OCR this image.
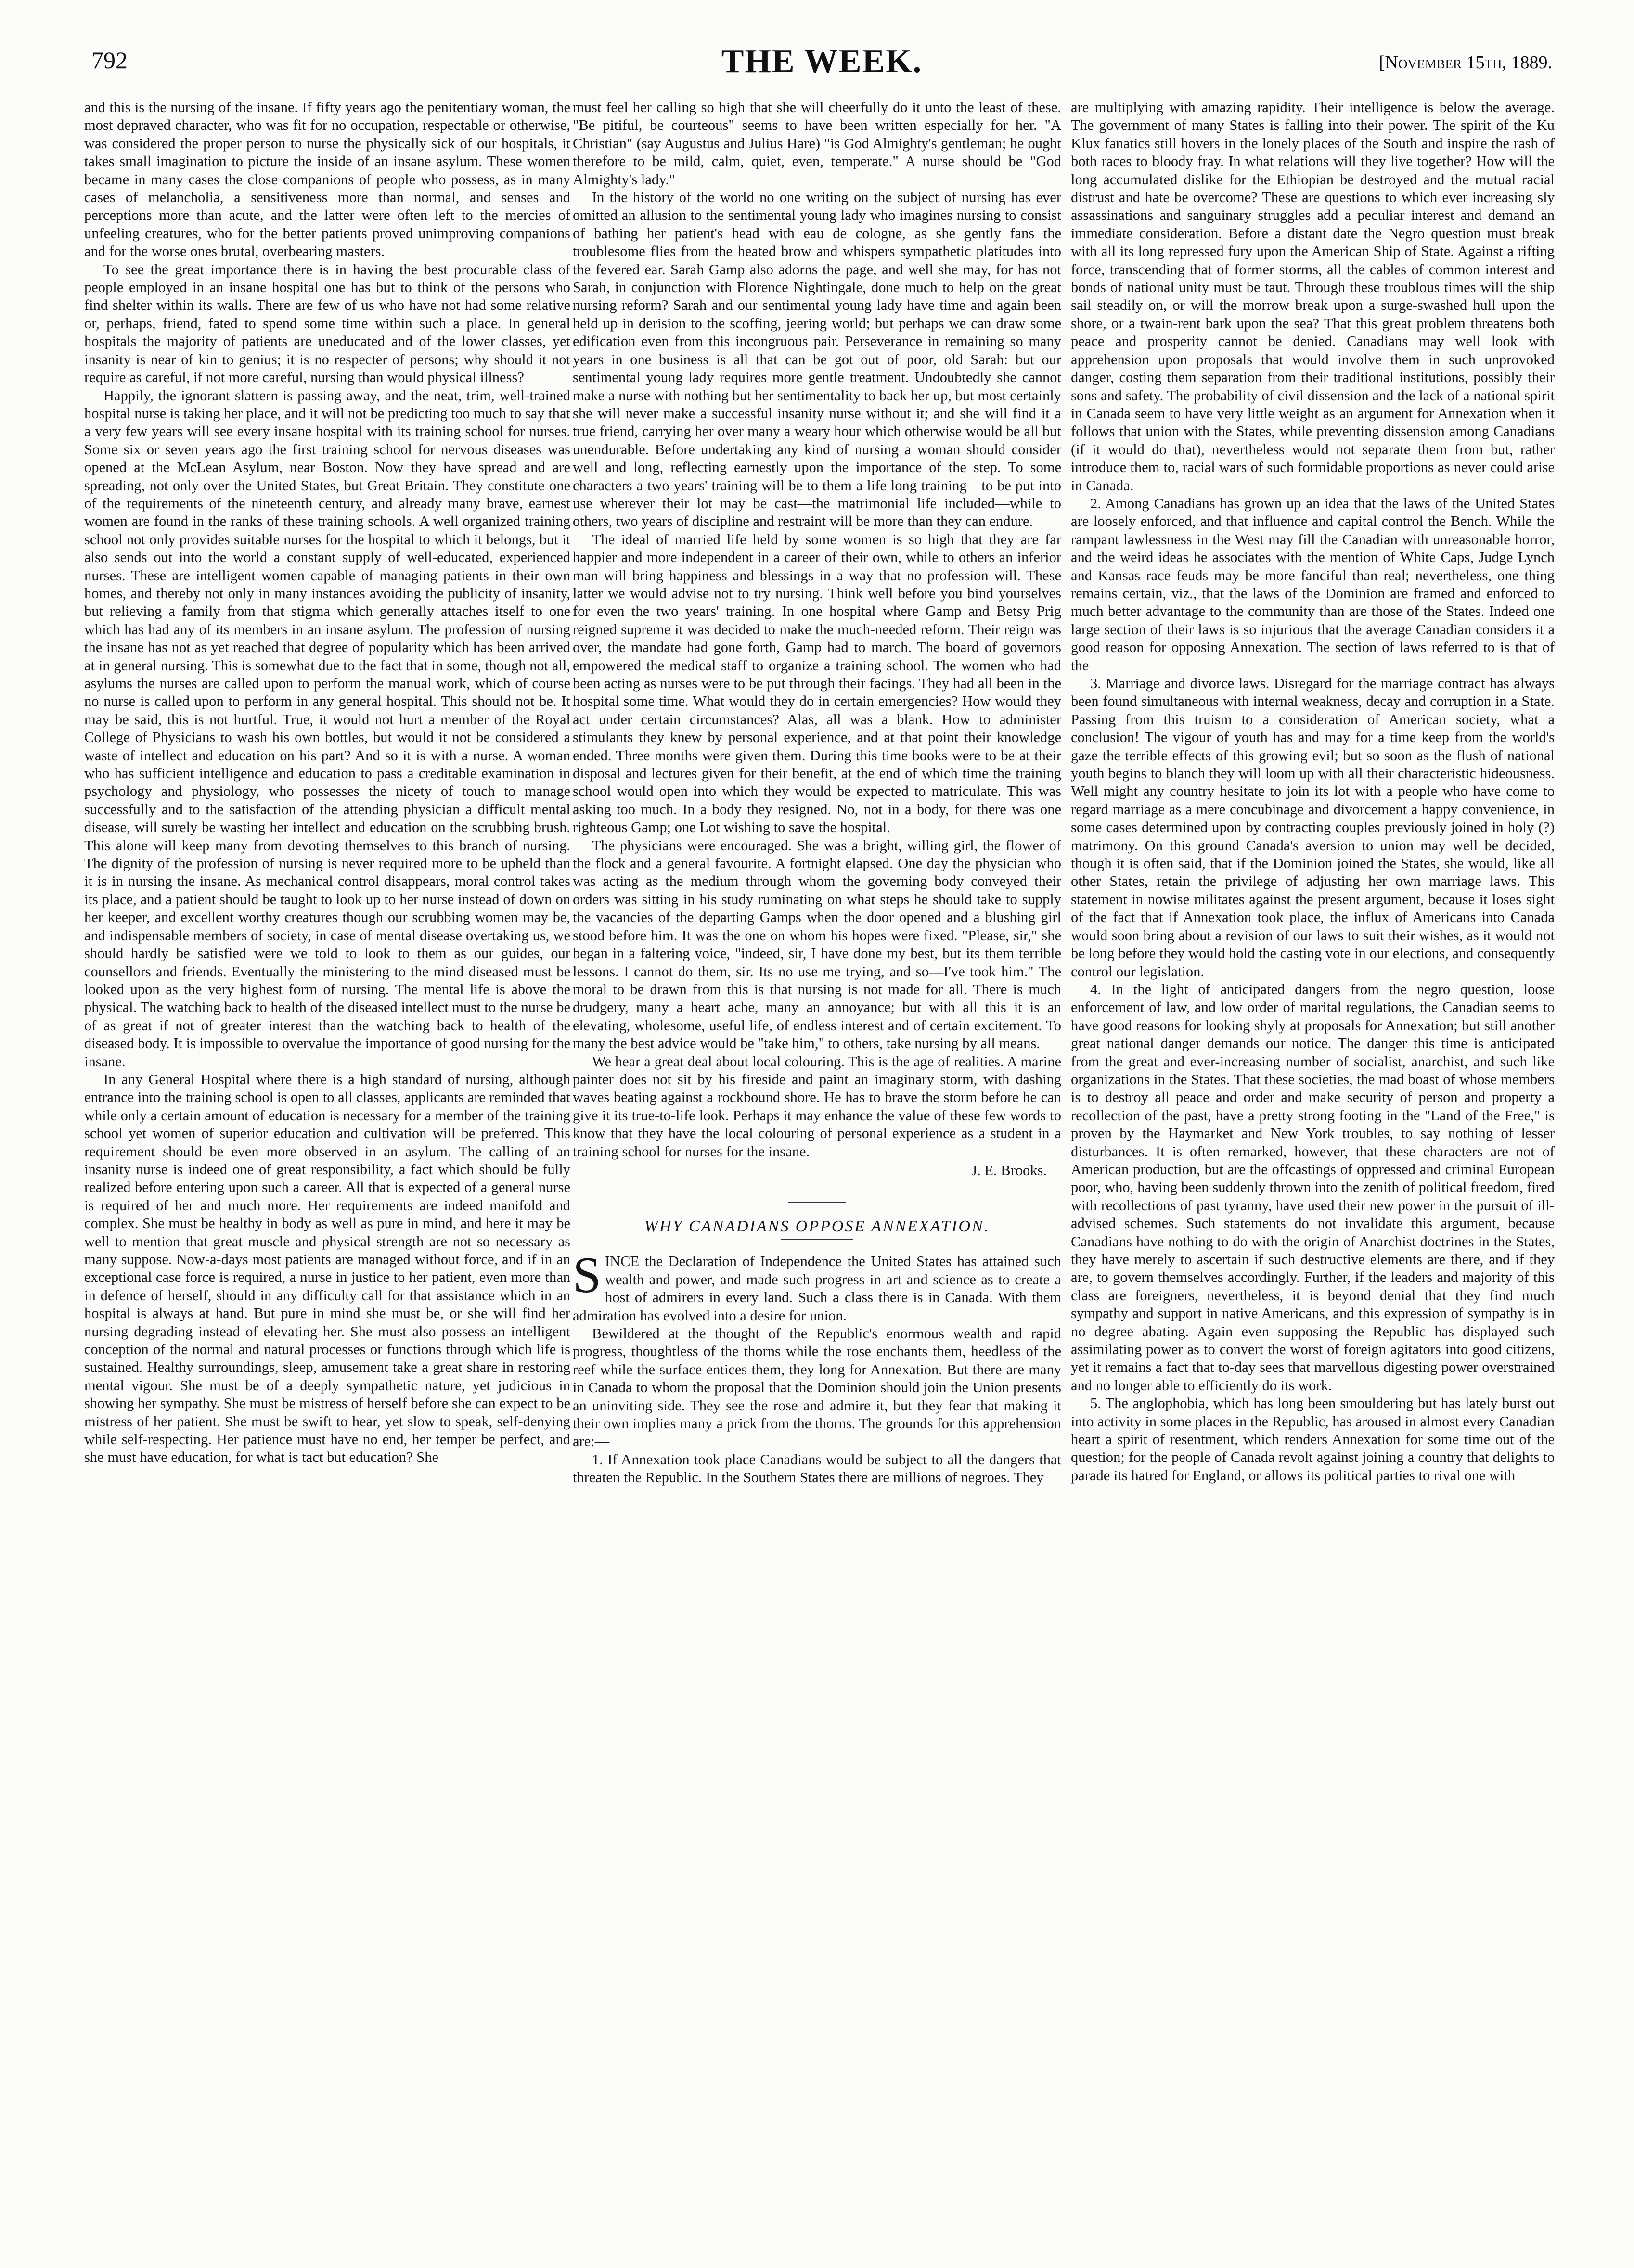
792	THE WEEK.	[November 15th, 1889.

and this is the nursing of the insane. If fifty years ago the penitentiary woman, the most depraved character, who was fit for no occupation, respectable or otherwise, was considered the proper person to nurse the physically sick of our hospitals, it takes small imagination to picture the inside of an insane asylum. These women became in many cases the close companions of people who possess, as in many cases of melancholia, a sensitiveness more than normal, and senses and perceptions more than acute, and the latter were often left to the mercies of unfeeling creatures, who for the better patients proved unimproving companions and for the worse ones brutal, overbearing masters.

To see the great importance there is in having the best procurable class of people employed in an insane hospital one has but to think of the persons who find shelter within its walls. There are few of us who have not had some relative or, perhaps, friend, fated to spend some time within such a place. In general hospitals the majority of patients are uneducated and of the lower classes, yet insanity is near of kin to genius; it is no respecter of persons; why should it not require as careful, if not more careful, nursing than would physical illness?

Happily, the ignorant slattern is passing away, and the neat, trim, well-trained hospital nurse is taking her place, and it will not be predicting too much to say that a very few years will see every insane hospital with its training school for nurses. Some six or seven years ago the first training school for nervous diseases was opened at the McLean Asylum, near Boston. Now they have spread and are spreading, not only over the United States, but Great Britain. They constitute one of the requirements of the nineteenth century, and already many brave, earnest women are found in the ranks of these training schools. A well organized training school not only provides suitable nurses for the hospital to which it belongs, but it also sends out into the world a constant supply of well-educated, experienced nurses. These are intelligent women capable of managing patients in their own homes, and thereby not only in many instances avoiding the publicity of insanity, but relieving a family from that stigma which generally attaches itself to one which has had any of its members in an insane asylum. The profession of nursing the insane has not as yet reached that degree of popularity which has been arrived at in general nursing. This is somewhat due to the fact that in some, though not all, asylums the nurses are called upon to perform the manual work, which of course no nurse is called upon to perform in any general hospital. This should not be. It may be said, this is not hurtful. True, it would not hurt a member of the Royal College of Physicians to wash his own bottles, but would it not be considered a waste of intellect and education on his part? And so it is with a nurse. A woman who has sufficient intelligence and education to pass a creditable examination in psychology and physiology, who possesses the nicety of touch to manage successfully and to the satisfaction of the attending physician a difficult mental disease, will surely be wasting her intellect and education on the scrubbing brush. This alone will keep many from devoting themselves to this branch of nursing. The dignity of the profession of nursing is never required more to be upheld than it is in nursing the insane. As mechanical control disappears, moral control takes its place, and a patient should be taught to look up to her nurse instead of down on her keeper, and excellent worthy creatures though our scrubbing women may be, and indispensable members of society, in case of mental disease overtaking us, we should hardly be satisfied were we told to look to them as our guides, our counsellors and friends. Eventually the ministering to the mind diseased must be looked upon as the very highest form of nursing. The mental life is above the physical. The watching back to health of the diseased intellect must to the nurse be of as great if not of greater interest than the watching back to health of the diseased body. It is impossible to overvalue the importance of good nursing for the insane.

In any General Hospital where there is a high standard of nursing, although entrance into the training school is open to all classes, applicants are reminded that while only a certain amount of education is necessary for a member of the training school yet women of superior education and cultivation will be preferred. This requirement should be even more observed in an asylum. The calling of an insanity nurse is indeed one of great responsibility, a fact which should be fully realized before entering upon such a career. All that is expected of a general nurse is required of her and much more. Her requirements are indeed manifold and complex. She must be healthy in body as well as pure in mind, and here it may be well to mention that great muscle and physical strength are not so necessary as many suppose. Now-a-days most patients are managed without force, and if in an exceptional case force is required, a nurse in justice to her patient, even more than in defence of herself, should in any difficulty call for that assistance which in an hospital is always at hand. But pure in mind she must be, or she will find her nursing degrading instead of elevating her. She must also possess an intelligent conception of the normal and natural processes or functions through which life is sustained. Healthy surroundings, sleep, amusement take a great share in restoring mental vigour. She must be of a deeply sympathetic nature, yet judicious in showing her sympathy. She must be mistress of herself before she can expect to be mistress of her patient. She must be swift to hear, yet slow to speak, self-denying while self-respecting. Her patience must have no end, her temper be perfect, and she must have education, for what is tact but education? She

must feel her calling so high that she will cheerfully do it unto the least of these. "Be pitiful, be courteous" seems to have been written especially for her. "A Christian" (say Augustus and Julius Hare) "is God Almighty's gentleman; he ought therefore to be mild, calm, quiet, even, temperate." A nurse should be "God Almighty's lady."

In the history of the world no one writing on the subject of nursing has ever omitted an allusion to the sentimental young lady who imagines nursing to consist of bathing her patient's head with eau de cologne, as she gently fans the troublesome flies from the heated brow and whispers sympathetic platitudes into the fevered ear. Sarah Gamp also adorns the page, and well she may, for has not Sarah, in conjunction with Florence Nightingale, done much to help on the great nursing reform? Sarah and our sentimental young lady have time and again been held up in derision to the scoffing, jeering world; but perhaps we can draw some edification even from this incongruous pair. Perseverance in remaining so many years in one business is all that can be got out of poor, old Sarah: but our sentimental young lady requires more gentle treatment. Undoubtedly she cannot make a nurse with nothing but her sentimentality to back her up, but most certainly she will never make a successful insanity nurse without it; and she will find it a true friend, carrying her over many a weary hour which otherwise would be all but unendurable. Before undertaking any kind of nursing a woman should consider well and long, reflecting earnestly upon the importance of the step. To some characters a two years' training will be to them a life long training—to be put into use wherever their lot may be cast—the matrimonial life included—while to others, two years of discipline and restraint will be more than they can endure.

The ideal of married life held by some women is so high that they are far happier and more independent in a career of their own, while to others an inferior man will bring happiness and blessings in a way that no profession will. These latter we would advise not to try nursing. Think well before you bind yourselves for even the two years' training. In one hospital where Gamp and Betsy Prig reigned supreme it was decided to make the much-needed reform. Their reign was over, the mandate had gone forth, Gamp had to march. The board of governors empowered the medical staff to organize a training school. The women who had been acting as nurses were to be put through their facings. They had all been in the hospital some time. What would they do in certain emergencies? How would they act under certain circumstances? Alas, all was a blank. How to administer stimulants they knew by personal experience, and at that point their knowledge ended. Three months were given them. During this time books were to be at their disposal and lectures given for their benefit, at the end of which time the training school would open into which they would be expected to matriculate. This was asking too much. In a body they resigned. No, not in a body, for there was one righteous Gamp; one Lot wishing to save the hospital.

The physicians were encouraged. She was a bright, willing girl, the flower of the flock and a general favourite. A fortnight elapsed. One day the physician who was acting as the medium through whom the governing body conveyed their orders was sitting in his study ruminating on what steps he should take to supply the vacancies of the departing Gamps when the door opened and a blushing girl stood before him. It was the one on whom his hopes were fixed. "Please, sir," she began in a faltering voice, "indeed, sir, I have done my best, but its them terrible lessons. I cannot do them, sir. Its no use me trying, and so—I've took him." The moral to be drawn from this is that nursing is not made for all. There is much drudgery, many a heart ache, many an annoyance; but with all this it is an elevating, wholesome, useful life, of endless interest and of certain excitement. To many the best advice would be "take him," to others, take nursing by all means.

We hear a great deal about local colouring. This is the age of realities. A marine painter does not sit by his fireside and paint an imaginary storm, with dashing waves beating against a rockbound shore. He has to brave the storm before he can give it its true-to-life look. Perhaps it may enhance the value of these few words to know that they have the local colouring of personal experience as a student in a training school for nurses for the insane.

J. E. Brooks.
WHY CANADIANS OPPOSE ANNEXATION.

SINCE the Declaration of Independence the United States has attained such wealth and power, and made such progress in art and science as to create a host of admirers in every land. Such a class there is in Canada. With them admiration has evolved into a desire for union.

Bewildered at the thought of the Republic's enormous wealth and rapid progress, thoughtless of the thorns while the rose enchants them, heedless of the reef while the surface entices them, they long for Annexation. But there are many in Canada to whom the proposal that the Dominion should join the Union presents an uninviting side. They see the rose and admire it, but they fear that making it their own implies many a prick from the thorns. The grounds for this apprehension are:—

1. If Annexation took place Canadians would be subject to all the dangers that threaten the Republic. In the Southern States there are millions of negroes. They

are multiplying with amazing rapidity. Their intelligence is below the average. The government of many States is falling into their power. The spirit of the Ku Klux fanatics still hovers in the lonely places of the South and inspire the rash of both races to bloody fray. In what relations will they live together? How will the long accumulated dislike for the Ethiopian be destroyed and the mutual racial distrust and hate be overcome? These are questions to which ever increasing sly assassinations and sanguinary struggles add a peculiar interest and demand an immediate consideration. Before a distant date the Negro question must break with all its long repressed fury upon the American Ship of State. Against a rifting force, transcending that of former storms, all the cables of common interest and bonds of national unity must be taut. Through these troublous times will the ship sail steadily on, or will the morrow break upon a surge-swashed hull upon the shore, or a twain-rent bark upon the sea? That this great problem threatens both peace and prosperity cannot be denied. Canadians may well look with apprehension upon proposals that would involve them in such unprovoked danger, costing them separation from their traditional institutions, possibly their sons and safety. The probability of civil dissension and the lack of a national spirit in Canada seem to have very little weight as an argument for Annexation when it follows that union with the States, while preventing dissension among Canadians (if it would do that), nevertheless would not separate them from but, rather introduce them to, racial wars of such formidable proportions as never could arise in Canada.

2. Among Canadians has grown up an idea that the laws of the United States are loosely enforced, and that influence and capital control the Bench. While the rampant lawlessness in the West may fill the Canadian with unreasonable horror, and the weird ideas he associates with the mention of White Caps, Judge Lynch and Kansas race feuds may be more fanciful than real; nevertheless, one thing remains certain, viz., that the laws of the Dominion are framed and enforced to much better advantage to the community than are those of the States. Indeed one large section of their laws is so injurious that the average Canadian considers it a good reason for opposing Annexation. The section of laws referred to is that of the

3. Marriage and divorce laws. Disregard for the marriage contract has always been found simultaneous with internal weakness, decay and corruption in a State. Passing from this truism to a consideration of American society, what a conclusion! The vigour of youth has and may for a time keep from the world's gaze the terrible effects of this growing evil; but so soon as the flush of national youth begins to blanch they will loom up with all their characteristic hideousness. Well might any country hesitate to join its lot with a people who have come to regard marriage as a mere concubinage and divorcement a happy convenience, in some cases determined upon by contracting couples previously joined in holy (?) matrimony. On this ground Canada's aversion to union may well be decided, though it is often said, that if the Dominion joined the States, she would, like all other States, retain the privilege of adjusting her own marriage laws. This statement in nowise militates against the present argument, because it loses sight of the fact that if Annexation took place, the influx of Americans into Canada would soon bring about a revision of our laws to suit their wishes, as it would not be long before they would hold the casting vote in our elections, and consequently control our legislation.

4. In the light of anticipated dangers from the negro question, loose enforcement of law, and low order of marital regulations, the Canadian seems to have good reasons for looking shyly at proposals for Annexation; but still another great national danger demands our notice. The danger this time is anticipated from the great and ever-increasing number of socialist, anarchist, and such like organizations in the States. That these societies, the mad boast of whose members is to destroy all peace and order and make security of person and property a recollection of the past, have a pretty strong footing in the "Land of the Free," is proven by the Haymarket and New York troubles, to say nothing of lesser disturbances. It is often remarked, however, that these characters are not of American production, but are the offcastings of oppressed and criminal European poor, who, having been suddenly thrown into the zenith of political freedom, fired with recollections of past tyranny, have used their new power in the pursuit of ill-advised schemes. Such statements do not invalidate this argument, because Canadians have nothing to do with the origin of Anarchist doctrines in the States, they have merely to ascertain if such destructive elements are there, and if they are, to govern themselves accordingly. Further, if the leaders and majority of this class are foreigners, nevertheless, it is beyond denial that they find much sympathy and support in native Americans, and this expression of sympathy is in no degree abating. Again even supposing the Republic has displayed such assimilating power as to convert the worst of foreign agitators into good citizens, yet it remains a fact that to-day sees that marvellous digesting power overstrained and no longer able to efficiently do its work.

5. The anglophobia, which has long been smouldering but has lately burst out into activity in some places in the Republic, has aroused in almost every Canadian heart a spirit of resentment, which renders Annexation for some time out of the question; for the people of Canada revolt against joining a country that delights to parade its hatred for England, or allows its political parties to rival one with
